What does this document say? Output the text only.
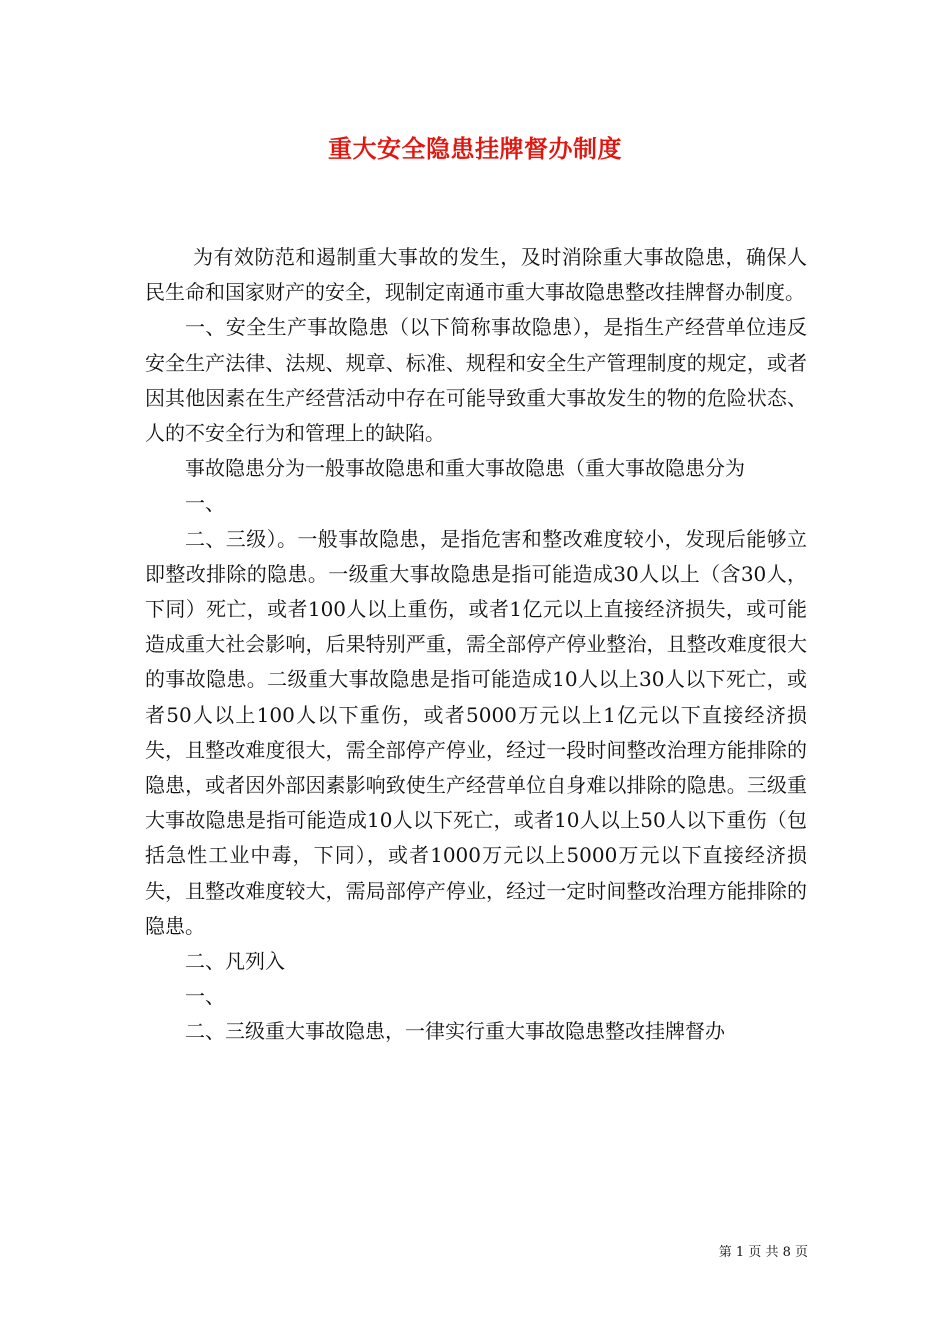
重大安全隐患挂牌督办制度

为有效防范和遏制重大事故的发生，及时消除重大事故隐患，确保人民生命和国家财产的安全，现制定南通市重大事故隐患整改挂牌督办制度。

一、安全生产事故隐患（以下简称事故隐患），是指生产经营单位违反安全生产法律、法规、规章、标准、规程和安全生产管理制度的规定，或者因其他因素在生产经营活动中存在可能导致重大事故发生的物的危险状态、人的不安全行为和管理上的缺陷。

事故隐患分为一般事故隐患和重大事故隐患（重大事故隐患分为

一、

二、三级）。一般事故隐患，是指危害和整改难度较小，发现后能够立即整改排除的隐患。一级重大事故隐患是指可能造成30人以上（含30人，下同）死亡，或者100人以上重伤，或者1亿元以上直接经济损失，或可能造成重大社会影响，后果特别严重，需全部停产停业整治，且整改难度很大的事故隐患。二级重大事故隐患是指可能造成10人以上30人以下死亡，或者50人以上100人以下重伤，或者5000万元以上1亿元以下直接经济损失，且整改难度很大，需全部停产停业，经过一段时间整改治理方能排除的隐患，或者因外部因素影响致使生产经营单位自身难以排除的隐患。三级重大事故隐患是指可能造成10人以下死亡，或者10人以上50人以下重伤（包括急性工业中毒，下同），或者1000万元以上5000万元以下直接经济损失，且整改难度较大，需局部停产停业，经过一定时间整改治理方能排除的隐患。

二、凡列入

一、

二、三级重大事故隐患，一律实行重大事故隐患整改挂牌督办

第 1 页 共 8 页
